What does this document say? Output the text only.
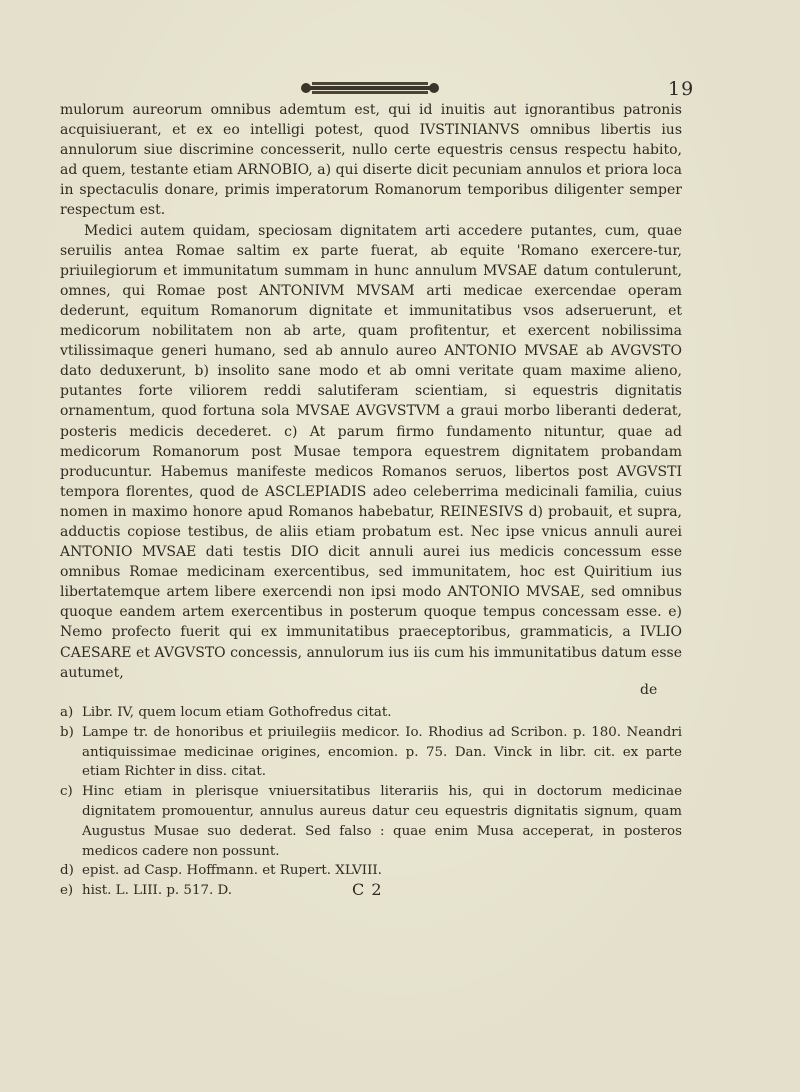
19

mulorum aureorum omnibus ademtum est, qui id inuitis aut ignorantibus patronis acquisiuerant, et ex eo intelligi potest, quod IVSTINIANVS omnibus libertis ius annulorum siue discrimine concesserit, nullo certe equestris census respectu habito, ad quem, testante etiam ARNOBIO, a) qui diserte dicit pecuniam annulos et priora loca in spectaculis donare, primis imperatorum Romanorum temporibus diligenter semper respectum est.

Medici autem quidam, speciosam dignitatem arti accedere putantes, cum, quae seruilis antea Romae saltim ex parte fuerat, ab equite 'Romano exercere-tur, priuilegiorum et immunitatum summam in hunc annulum MVSAE datum contulerunt, omnes, qui Romae post ANTONIVM MVSAM arti medicae exercendae operam dederunt, equitum Romanorum dignitate et immunitatibus vsos adseruerunt, et medicorum nobilitatem non ab arte, quam profitentur, et exercent nobilissima vtilissimaque generi humano, sed ab annulo aureo ANTONIO MVSAE ab AVGVSTO dato deduxerunt, b) insolito sane modo et ab omni veritate quam maxime alieno, putantes forte viliorem reddi salutiferam scientiam, si equestris dignitatis ornamentum, quod fortuna sola MVSAE AVGVSTVM a graui morbo liberanti dederat, posteris medicis decederet. c) At parum firmo fundamento nituntur, quae ad medicorum Romanorum post Musae tempora equestrem dignitatem probandam producuntur. Habemus manifeste medicos Romanos seruos, libertos post AVGVSTI tempora florentes, quod de ASCLEPIADIS adeo celeberrima medicinali familia, cuius nomen in maximo honore apud Romanos habebatur, REINESIVS d) probauit, et supra, adductis copiose testibus, de aliis etiam probatum est. Nec ipse vnicus annuli aurei ANTONIO MVSAE dati testis DIO dicit annuli aurei ius medicis concessum esse omnibus Romae medicinam exercentibus, sed immunitatem, hoc est Quiritium ius libertatemque artem libere exercendi non ipsi modo ANTONIO MVSAE, sed omnibus quoque eandem artem exercentibus in posterum quoque tempus concessam esse. e) Nemo profecto fuerit qui ex immunitatibus praeceptoribus, grammaticis, a IVLIO CAESARE et AVGVSTO concessis, annulorum ius iis cum his immunitatibus datum esse autumet,

de
a) Libr. IV, quem locum etiam Gothofredus citat.
b) Lampe tr. de honoribus et priuilegiis medicor. Io. Rhodius ad Scribon. p. 180. Neandri antiquissimae medicinae origines, encomion. p. 75. Dan. Vinck in libr. cit. ex parte etiam Richter in diss. citat.
c) Hinc etiam in plerisque vniuersitatibus literariis his, qui in doctorum medicinae dignitatem promouentur, annulus aureus datur ceu equestris dignitatis signum, quam Augustus Musae suo dederat. Sed falso : quae enim Musa acceperat, in posteros medicos cadere non possunt.
d) epist. ad Casp. Hoffmann. et Rupert. XLVIII.
e) hist. L. LIII. p. 517. D.	C 2
